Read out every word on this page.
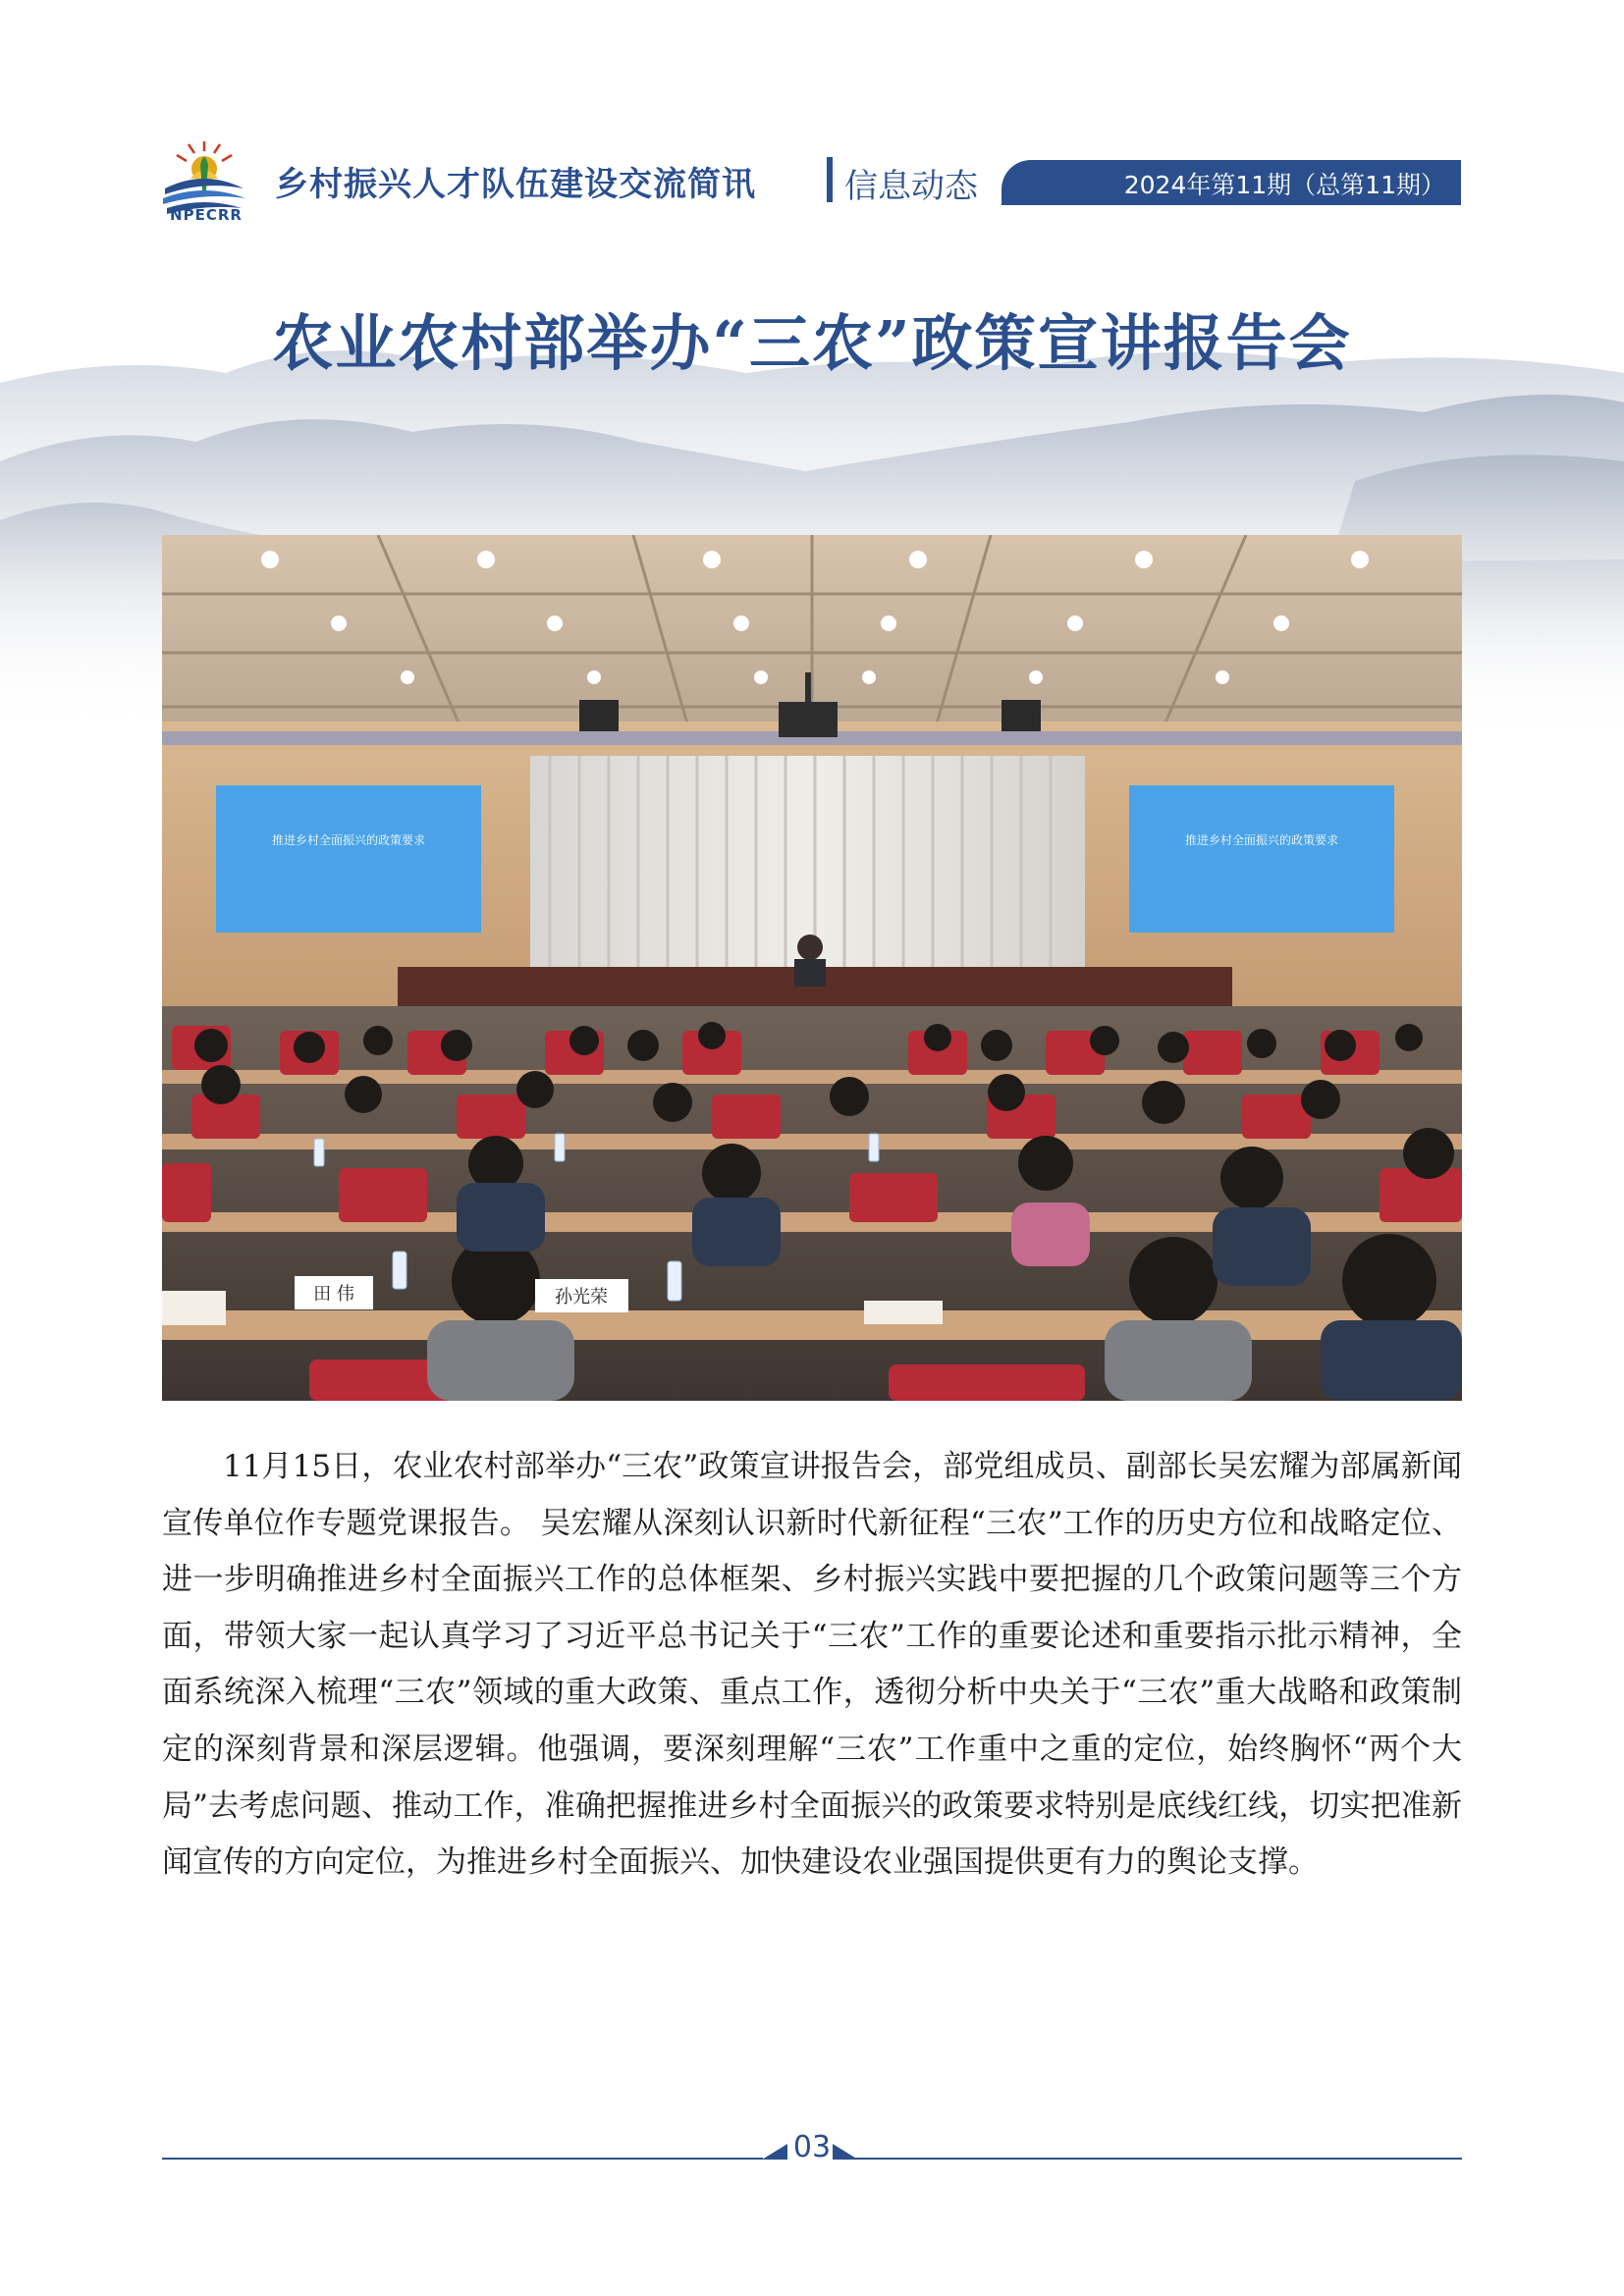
NPECRR
乡村振兴人才队伍建设交流简讯	信息动态	2024年第11期（总第11期）
农业农村部举办“三农”政策宣讲报告会
推进乡村全面振兴的政策要求	推进乡村全面振兴的政策要求
田 伟	孙光荣
11月15日，农业农村部举办“三农”政策宣讲报告会，部党组成员、副部长吴宏耀为部属新闻宣传单位作专题党课报告。 吴宏耀从深刻认识新时代新征程“三农”工作的历史方位和战略定位、进一步明确推进乡村全面振兴工作的总体框架、乡村振兴实践中要把握的几个政策问题等三个方面，带领大家一起认真学习了习近平总书记关于“三农”工作的重要论述和重要指示批示精神，全面系统深入梳理“三农”领域的重大政策、重点工作，透彻分析中央关于“三农”重大战略和政策制定的深刻背景和深层逻辑。他强调，要深刻理解“三农”工作重中之重的定位，始终胸怀“两个大局”去考虑问题、推动工作，准确把握推进乡村全面振兴的政策要求特别是底线红线，切实把准新闻宣传的方向定位，为推进乡村全面振兴、加快建设农业强国提供更有力的舆论支撑。
03
